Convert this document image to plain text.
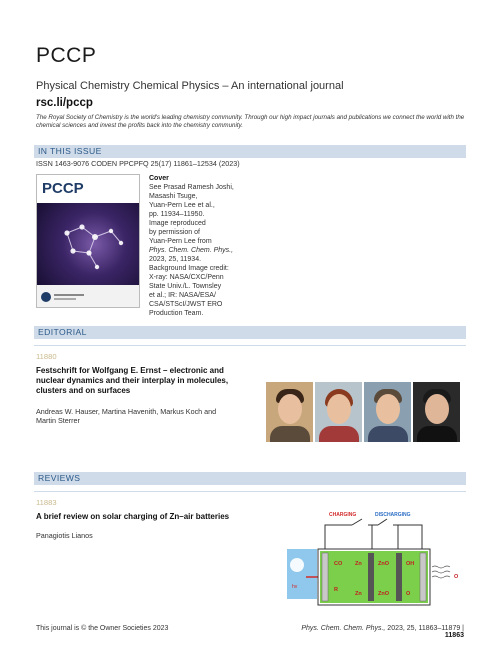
PCCP
Physical Chemistry Chemical Physics – An international journal
rsc.li/pccp
The Royal Society of Chemistry is the world's leading chemistry community. Through our high impact journals and publications we connect the world with the chemical sciences and invest the profits back into the chemistry community.
IN THIS ISSUE
ISSN 1463-9076 CODEN PPCPFQ 25(17) 11861–12534 (2023)
PCCP
Cover
See Prasad Ramesh Joshi,
Masashi Tsuge,
Yuan-Pern Lee et al.,
pp. 11934–11950.
Image reproduced
by permission of
Yuan-Pern Lee from
Phys. Chem. Chem. Phys.,
2023, 25, 11934.
Background Image credit:
X-ray: NASA/CXC/Penn
State Univ./L. Townsley
et al.; IR: NASA/ESA/
CSA/STScI/JWST ERO
Production Team.
EDITORIAL
11880
Festschrift for Wolfgang E. Ernst – electronic and
nuclear dynamics and their interplay in molecules,
clusters and on surfaces
Andreas W. Hauser, Martina Havenith, Markus Koch and
Martin Sterrer
REVIEWS
11883
A brief review on solar charging of Zn–air batteries
Panagiotis Lianos
CHARGING	DISCHARGING
hv
CO Zn	ZnO	OH
R
Zn	ZnO	O
O
This journal is © the Owner Societies 2023	Phys. Chem. Chem. Phys., 2023, 25, 11863–11879 | 11863
